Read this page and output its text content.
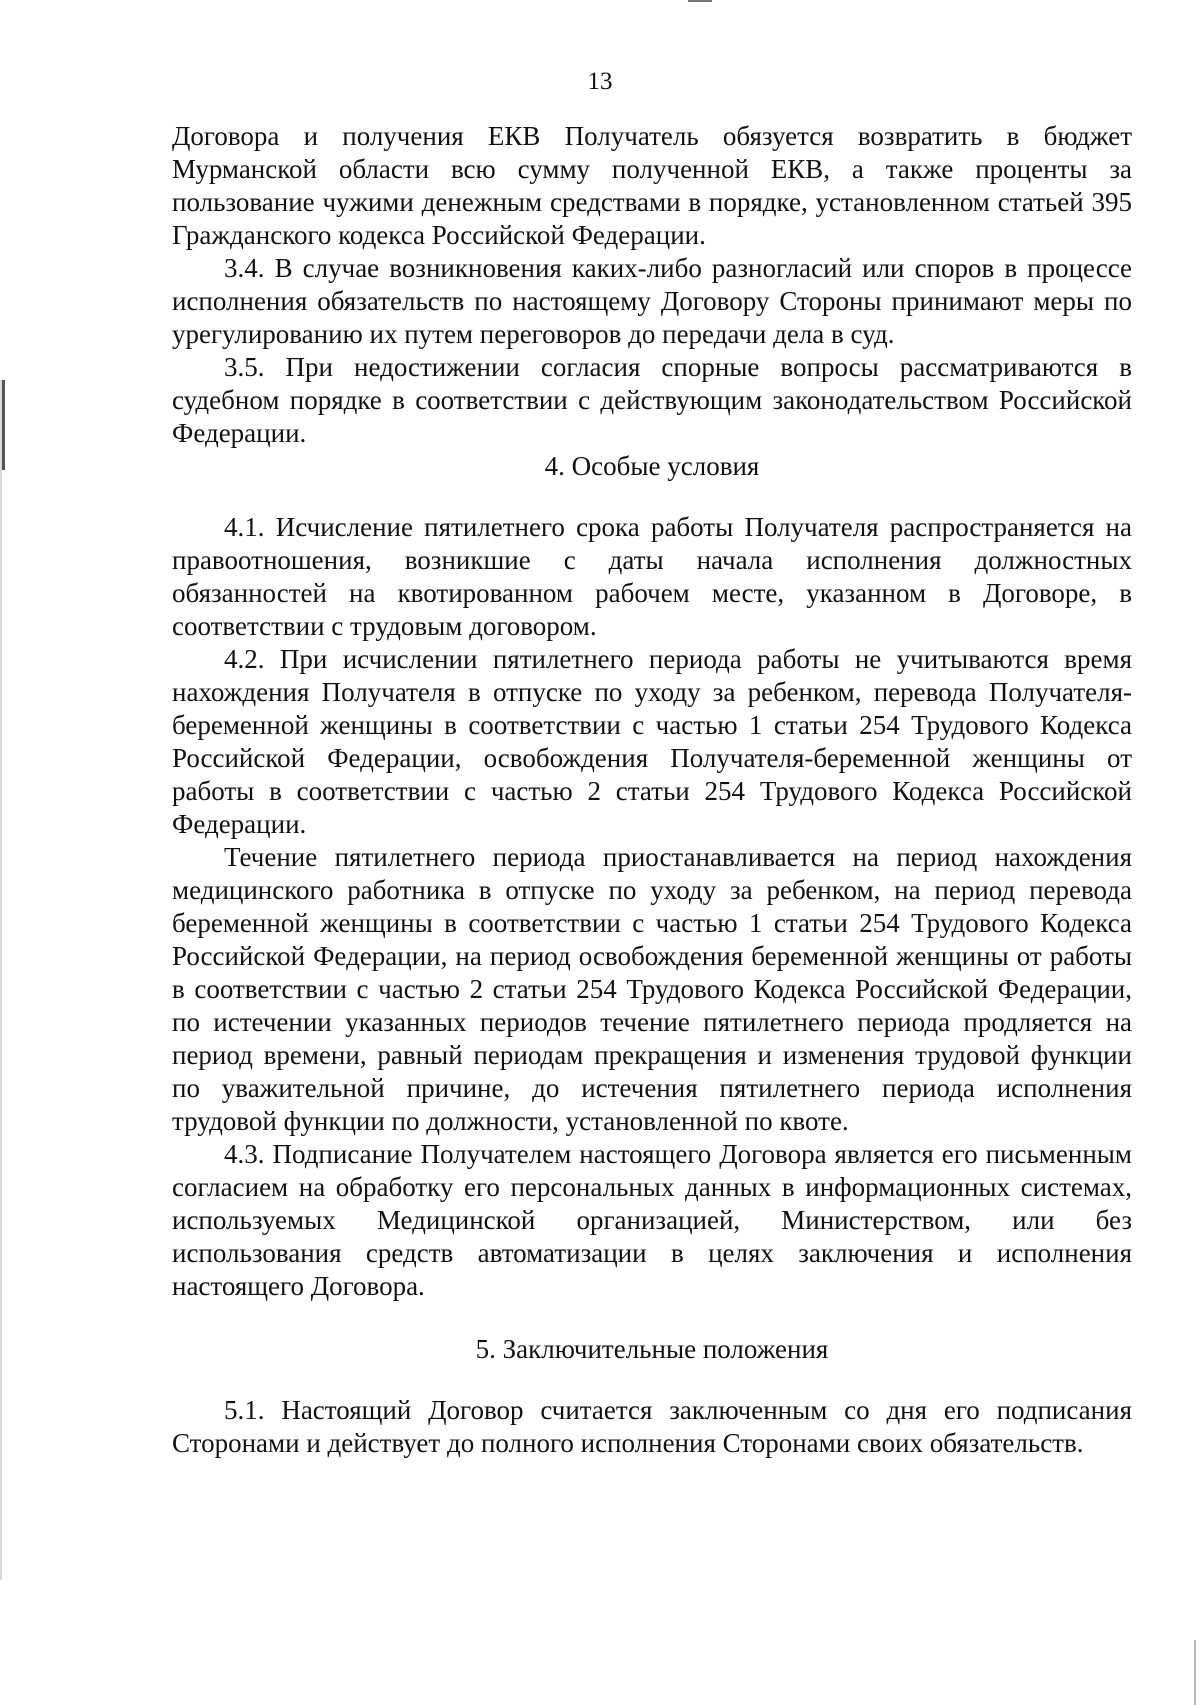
13

Договора и получения ЕКВ Получатель обязуется возвратить в бюджет Мурманской области всю сумму полученной ЕКВ, а также проценты за пользование чужими денежным средствами в порядке, установленном статьей 395 Гражданского кодекса Российской Федерации.

3.4. В случае возникновения каких-либо разногласий или споров в процессе исполнения обязательств по настоящему Договору Стороны принимают меры по урегулированию их путем переговоров до передачи дела в суд.

3.5. При недостижении согласия спорные вопросы рассматриваются в судебном порядке в соответствии с действующим законодательством Российской Федерации.

4. Особые условия

4.1. Исчисление пятилетнего срока работы Получателя распространяется на правоотношения, возникшие с даты начала исполнения должностных обязанностей на квотированном рабочем месте, указанном в Договоре, в соответствии с трудовым договором.

4.2. При исчислении пятилетнего периода работы не учитываются время нахождения Получателя в отпуске по уходу за ребенком, перевода Получателя-беременной женщины в соответствии с частью 1 статьи 254 Трудового Кодекса Российской Федерации, освобождения Получателя-беременной женщины от работы в соответствии с частью 2 статьи 254 Трудового Кодекса Российской Федерации.

Течение пятилетнего периода приостанавливается на период нахождения медицинского работника в отпуске по уходу за ребенком, на период перевода беременной женщины в соответствии с частью 1 статьи 254 Трудового Кодекса Российской Федерации, на период освобождения беременной женщины от работы в соответствии с частью 2 статьи 254 Трудового Кодекса Российской Федерации, по истечении указанных периодов течение пятилетнего периода продляется на период времени, равный периодам прекращения и изменения трудовой функции по уважительной причине, до истечения пятилетнего периода исполнения трудовой функции по должности, установленной по квоте.

4.3. Подписание Получателем настоящего Договора является его письменным согласием на обработку его персональных данных в информационных системах, используемых Медицинской организацией, Министерством, или без использования средств автоматизации в целях заключения и исполнения настоящего Договора.

5. Заключительные положения

5.1. Настоящий Договор считается заключенным со дня его подписания Сторонами и действует до полного исполнения Сторонами своих обязательств.
